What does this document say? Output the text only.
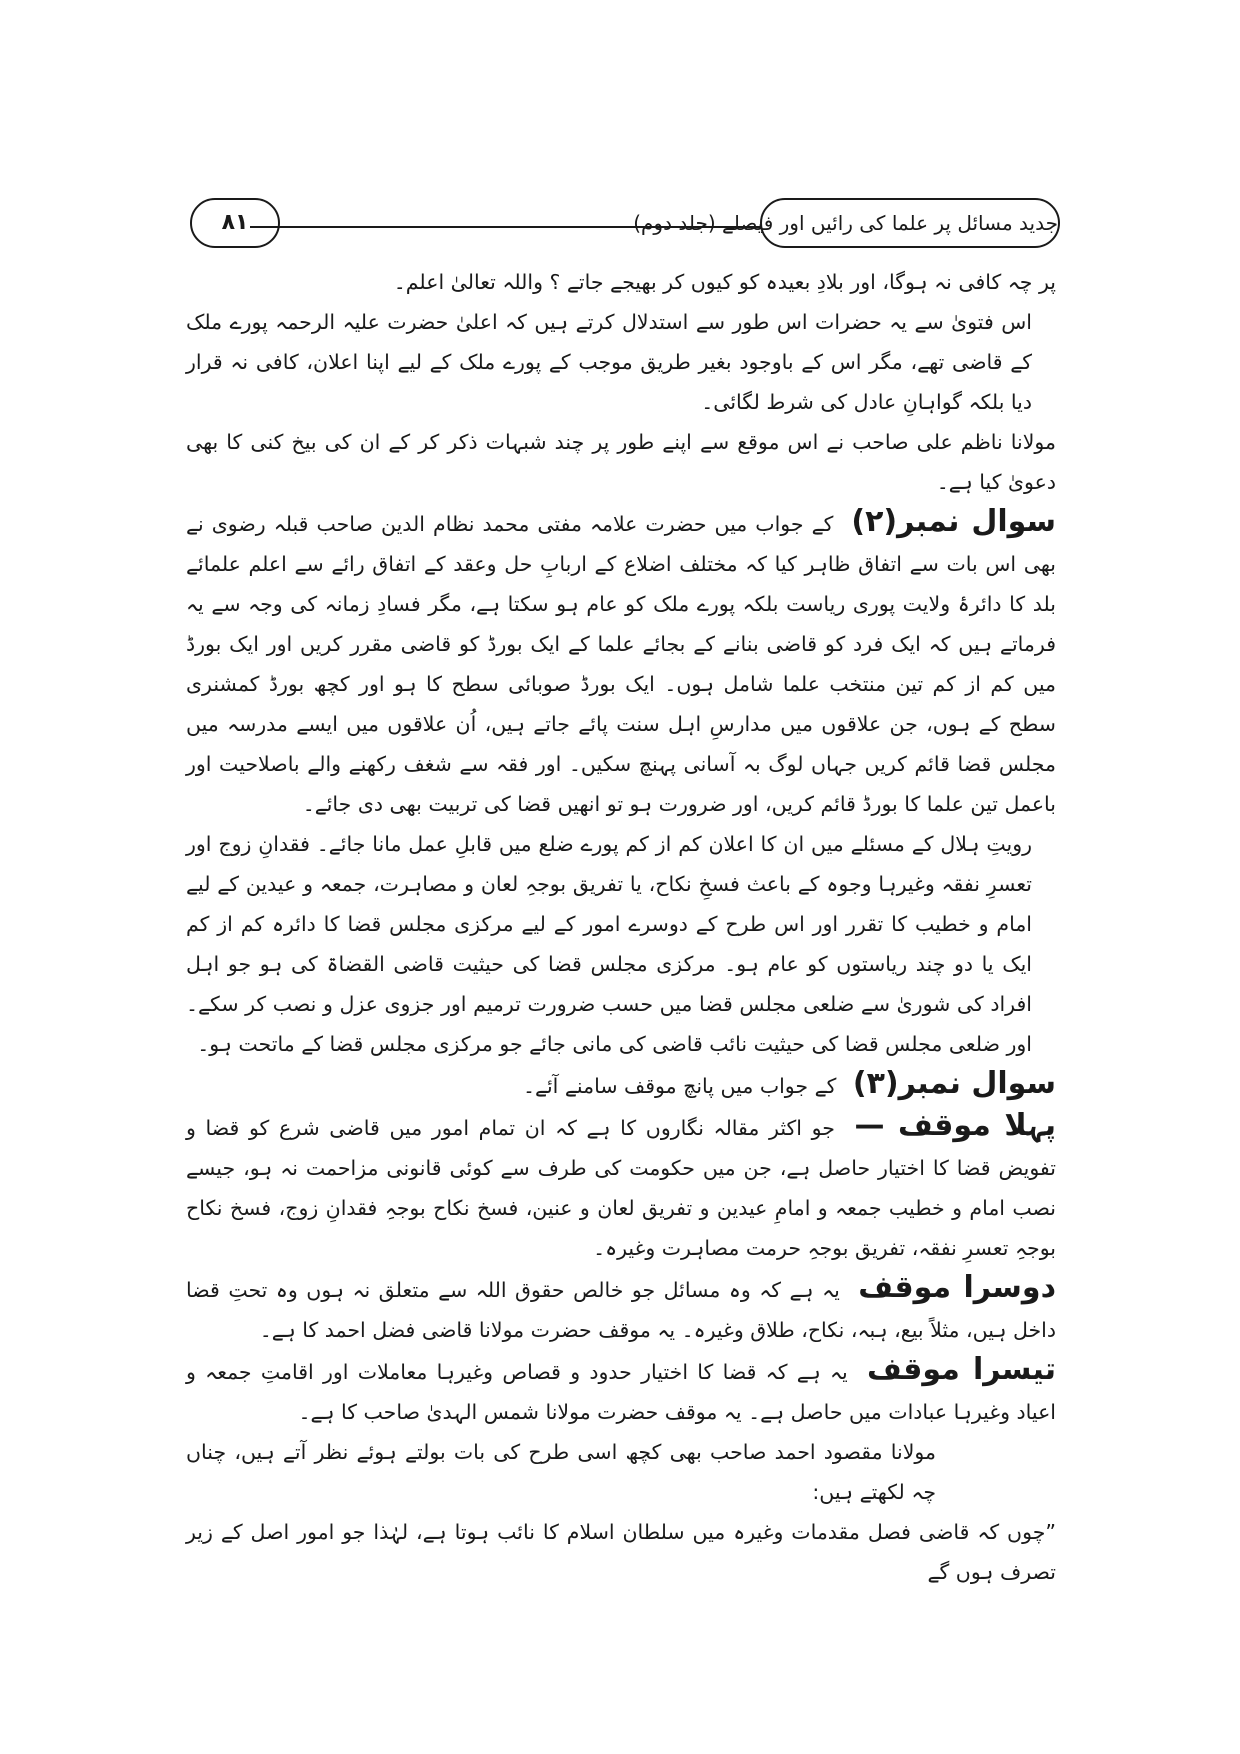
۸۱	جدید مسائل پر علما کی رائیں اور فیصلے (جلد دوم)

پر چہ کافی نہ ہوگا، اور بلادِ بعیدہ کو کیوں کر بھیجے جاتے ؟ واللہ تعالیٰ اعلم۔

اس فتویٰ سے یہ حضرات اس طور سے استدلال کرتے ہیں کہ اعلیٰ حضرت علیہ الرحمہ پورے ملک کے قاضی تھے، مگر اس کے باوجود بغیر طریق موجب کے پورے ملک کے لیے اپنا اعلان، کافی نہ قرار دیا بلکہ گواہانِ عادل کی شرط لگائی۔

مولانا ناظم علی صاحب نے اس موقع سے اپنے طور پر چند شبہات ذکر کر کے ان کی بیخ کنی کا بھی دعویٰ کیا ہے۔

سوال نمبر(۲) کے جواب میں حضرت علامہ مفتی محمد نظام الدین صاحب قبلہ رضوی نے بھی اس بات سے اتفاق ظاہر کیا کہ مختلف اضلاع کے اربابِ حل وعقد کے اتفاق رائے سے اعلم علمائے بلد کا دائرۂ ولایت پوری ریاست بلکہ پورے ملک کو عام ہو سکتا ہے، مگر فسادِ زمانہ کی وجہ سے یہ فرماتے ہیں کہ ایک فرد کو قاضی بنانے کے بجائے علما کے ایک بورڈ کو قاضی مقرر کریں اور ایک بورڈ میں کم از کم تین منتخب علما شامل ہوں۔ ایک بورڈ صوبائی سطح کا ہو اور کچھ بورڈ کمشنری سطح کے ہوں، جن علاقوں میں مدارسِ اہل سنت پائے جاتے ہیں، اُن علاقوں میں ایسے مدرسہ میں مجلس قضا قائم کریں جہاں لوگ بہ آسانی پہنچ سکیں۔ اور فقہ سے شغف رکھنے والے باصلاحیت اور باعمل تین علما کا بورڈ قائم کریں، اور ضرورت ہو تو انھیں قضا کی تربیت بھی دی جائے۔

رویتِ ہلال کے مسئلے میں ان کا اعلان کم از کم پورے ضلع میں قابلِ عمل مانا جائے۔ فقدانِ زوج اور تعسرِ نفقہ وغیرہا وجوہ کے باعث فسخِ نکاح، یا تفریق بوجہِ لعان و مصاہرت، جمعہ و عیدین کے لیے امام و خطیب کا تقرر اور اس طرح کے دوسرے امور کے لیے مرکزی مجلس قضا کا دائرہ کم از کم ایک یا دو چند ریاستوں کو عام ہو۔ مرکزی مجلس قضا کی حیثیت قاضی القضاۃ کی ہو جو اہل افراد کی شوریٰ سے ضلعی مجلس قضا میں حسب ضرورت ترمیم اور جزوی عزل و نصب کر سکے۔ اور ضلعی مجلس قضا کی حیثیت نائب قاضی کی مانی جائے جو مرکزی مجلس قضا کے ماتحت ہو۔

سوال نمبر(۳) کے جواب میں پانچ موقف سامنے آئے۔

پہلا موقف — جو اکثر مقالہ نگاروں کا ہے کہ ان تمام امور میں قاضی شرع کو قضا و تفویض قضا کا اختیار حاصل ہے، جن میں حکومت کی طرف سے کوئی قانونی مزاحمت نہ ہو، جیسے نصب امام و خطیب جمعہ و امامِ عیدین و تفریق لعان و عنین، فسخ نکاح بوجہِ فقدانِ زوج، فسخ نکاح بوجہِ تعسرِ نفقہ، تفریق بوجہِ حرمت مصاہرت وغیرہ۔

دوسرا موقف یہ ہے کہ وہ مسائل جو خالص حقوق اللہ سے متعلق نہ ہوں وہ تحتِ قضا داخل ہیں، مثلاً بیع، ہبہ، نکاح، طلاق وغیرہ۔ یہ موقف حضرت مولانا قاضی فضل احمد کا ہے۔

تیسرا موقف یہ ہے کہ قضا کا اختیار حدود و قصاص وغیرہا معاملات اور اقامتِ جمعہ و اعیاد وغیرہا عبادات میں حاصل ہے۔ یہ موقف حضرت مولانا شمس الہدیٰ صاحب کا ہے۔

مولانا مقصود احمد صاحب بھی کچھ اسی طرح کی بات بولتے ہوئے نظر آتے ہیں، چناں چہ لکھتے ہیں:

”چوں کہ قاضی فصل مقدمات وغیرہ میں سلطان اسلام کا نائب ہوتا ہے، لہٰذا جو امور اصل کے زیر تصرف ہوں گے
